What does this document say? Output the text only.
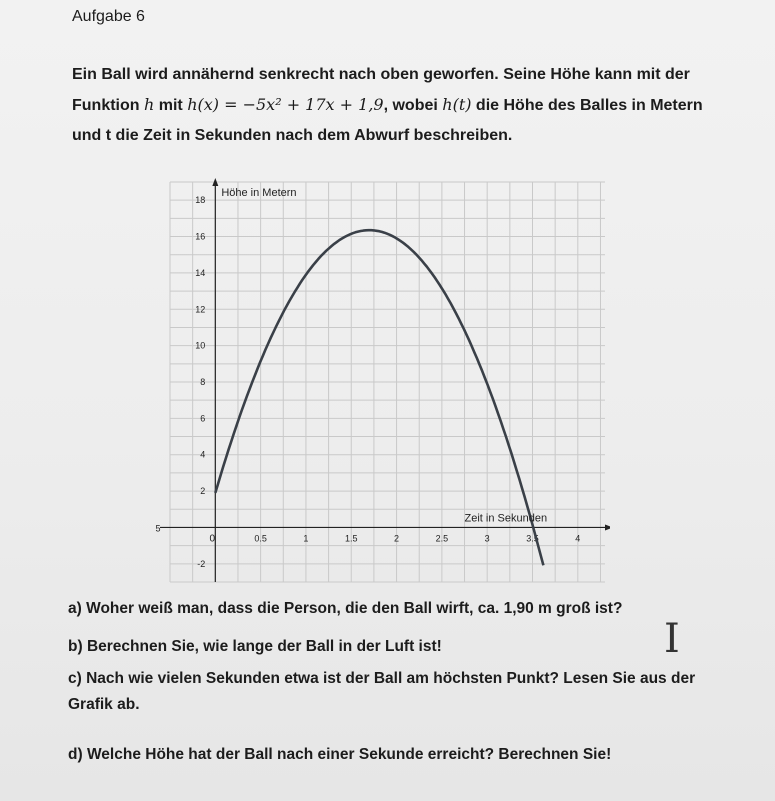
Aufgabe 6
Ein Ball wird annähernd senkrecht nach oben geworfen. Seine Höhe kann mit der
Funktion h mit h(x) = −5x² + 17x + 1,9, wobei h(t) die Höhe des Balles in Metern
und t die Zeit in Sekunden nach dem Abwurf beschreiben.
0.5	1	1.5	2	2.5	3	3.5	4
0
5
-2
2
4
6
8
10
12
14
16
18
Höhe in Metern
Zeit in Sekunden
a) Woher weiß man, dass die Person, die den Ball wirft, ca. 1,90 m groß ist?
b) Berechnen Sie, wie lange der Ball in der Luft ist!
c) Nach wie vielen Sekunden etwa ist der Ball am höchsten Punkt? Lesen Sie aus der Grafik ab.
d) Welche Höhe hat der Ball nach einer Sekunde erreicht? Berechnen Sie!
I
